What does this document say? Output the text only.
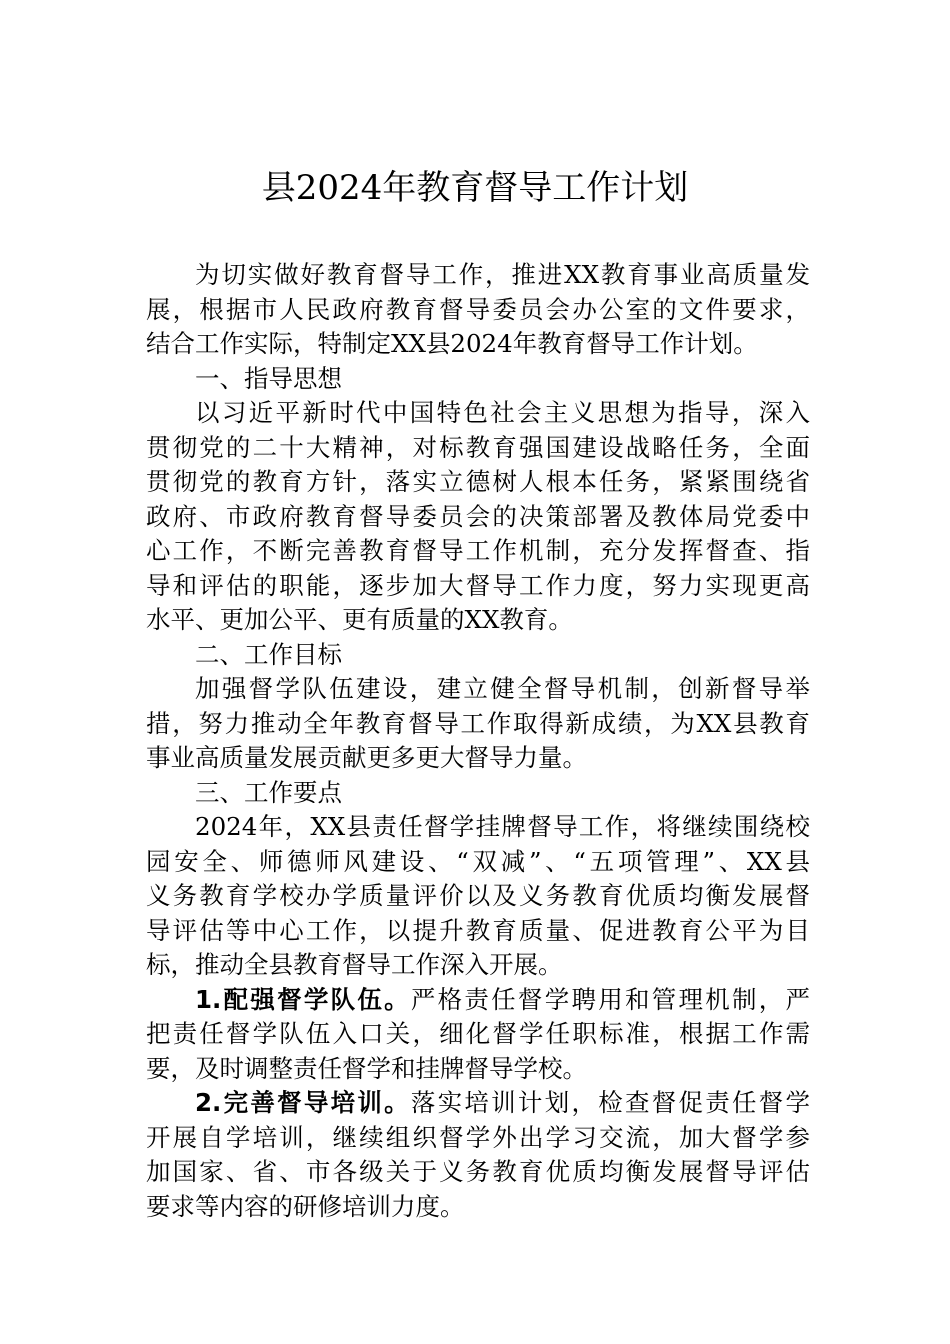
县2024年教育督导工作计划
为切实做好教育督导工作，推进XX教育事业高质量发
展，根据市人民政府教育督导委员会办公室的文件要求，
结合工作实际，特制定XX县2024年教育督导工作计划。
一、指导思想
以习近平新时代中国特色社会主义思想为指导，深入
贯彻党的二十大精神，对标教育强国建设战略任务，全面
贯彻党的教育方针，落实立德树人根本任务，紧紧围绕省
政府、市政府教育督导委员会的决策部署及教体局党委中
心工作，不断完善教育督导工作机制，充分发挥督查、指
导和评估的职能，逐步加大督导工作力度，努力实现更高
水平、更加公平、更有质量的XX教育。
二、工作目标
加强督学队伍建设，建立健全督导机制，创新督导举
措，努力推动全年教育督导工作取得新成绩，为XX县教育
事业高质量发展贡献更多更大督导力量。
三、工作要点
2024年，XX县责任督学挂牌督导工作，将继续围绕校
园安全、师德师风建设、“双减”、“五项管理”、XX县
义务教育学校办学质量评价以及义务教育优质均衡发展督
导评估等中心工作，以提升教育质量、促进教育公平为目
标，推动全县教育督导工作深入开展。
1.配强督学队伍。严格责任督学聘用和管理机制，严
把责任督学队伍入口关，细化督学任职标准，根据工作需
要，及时调整责任督学和挂牌督导学校。
2.完善督导培训。落实培训计划，检查督促责任督学
开展自学培训，继续组织督学外出学习交流，加大督学参
加国家、省、市各级关于义务教育优质均衡发展督导评估
要求等内容的研修培训力度。
